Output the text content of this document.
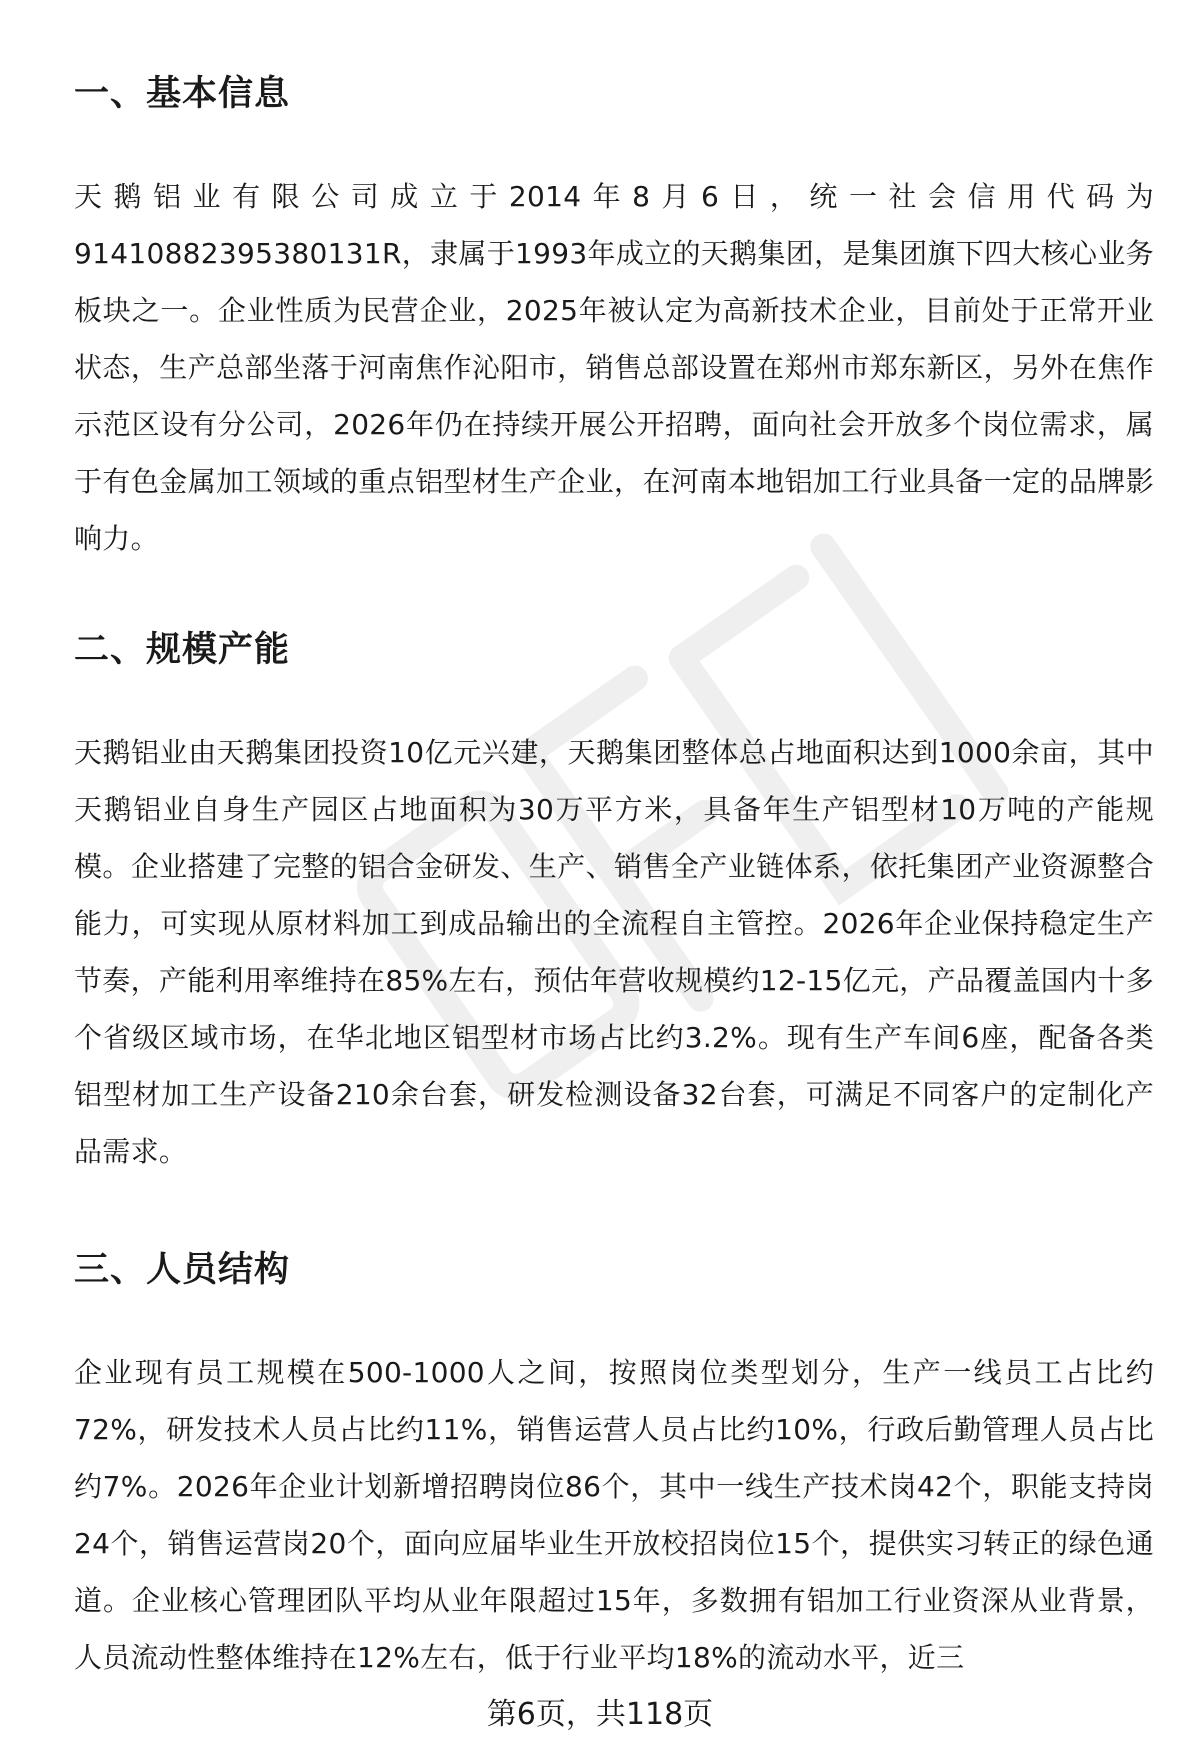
一、基本信息

天鹅铝业有限公司成立于2014年8月6日，统一社会信用代码为91410882395380131R，隶属于1993年成立的天鹅集团，是集团旗下四大核心业务板块之一。企业性质为民营企业，2025年被认定为高新技术企业，目前处于正常开业状态，生产总部坐落于河南焦作沁阳市，销售总部设置在郑州市郑东新区，另外在焦作示范区设有分公司，2026年仍在持续开展公开招聘，面向社会开放多个岗位需求，属于有色金属加工领域的重点铝型材生产企业，在河南本地铝加工行业具备一定的品牌影响力。

二、规模产能

天鹅铝业由天鹅集团投资10亿元兴建，天鹅集团整体总占地面积达到1000余亩，其中天鹅铝业自身生产园区占地面积为30万平方米，具备年生产铝型材10万吨的产能规模。企业搭建了完整的铝合金研发、生产、销售全产业链体系，依托集团产业资源整合能力，可实现从原材料加工到成品输出的全流程自主管控。2026年企业保持稳定生产节奏，产能利用率维持在85%左右，预估年营收规模约12-15亿元，产品覆盖国内十多个省级区域市场，在华北地区铝型材市场占比约3.2%。现有生产车间6座，配备各类铝型材加工生产设备210余台套，研发检测设备32台套，可满足不同客户的定制化产品需求。

三、人员结构

企业现有员工规模在500-1000人之间，按照岗位类型划分，生产一线员工占比约72%，研发技术人员占比约11%，销售运营人员占比约10%，行政后勤管理人员占比约7%。2026年企业计划新增招聘岗位86个，其中一线生产技术岗42个，职能支持岗24个，销售运营岗20个，面向应届毕业生开放校招岗位15个，提供实习转正的绿色通道。企业核心管理团队平均从业年限超过15年，多数拥有铝加工行业资深从业背景，人员流动性整体维持在12%左右，低于行业平均18%的流动水平，近三

第6页，共118页
